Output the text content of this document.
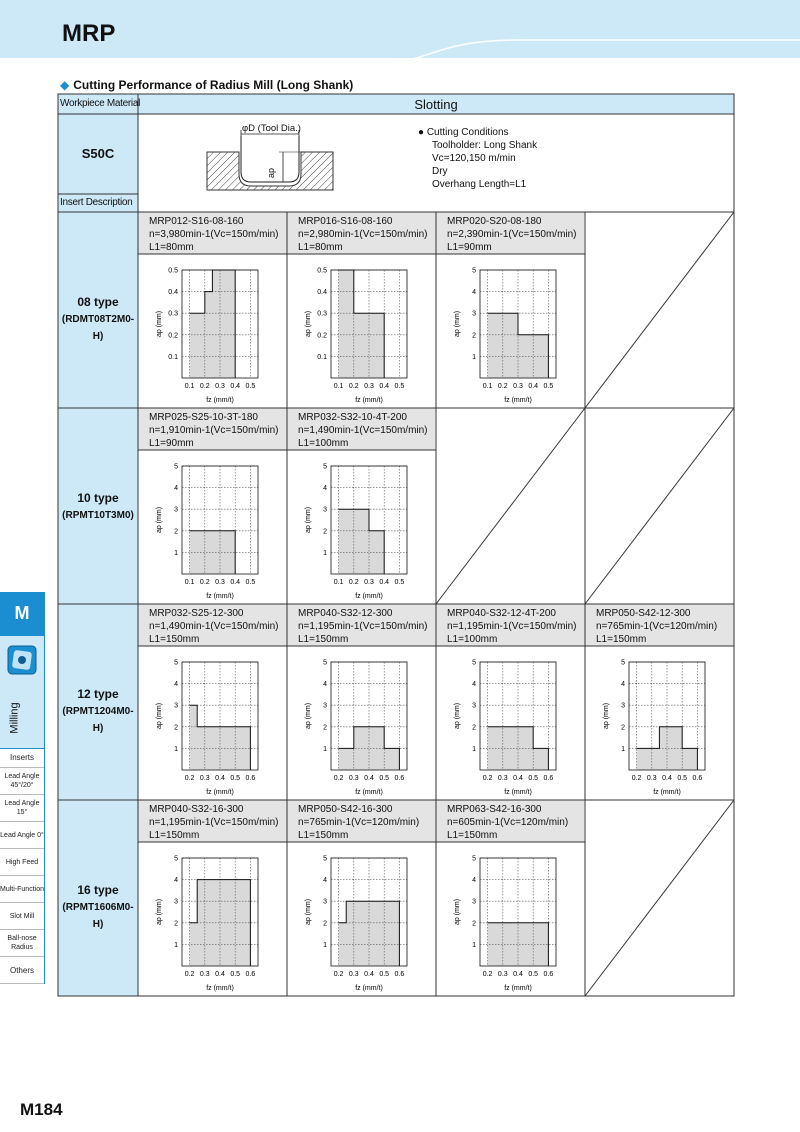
MRP
◆ Cutting Performance of Radius Mill (Long Shank)
Workpiece Material	Slotting
S50C
Insert Description
φD (Tool Dia.)
ap
● Cutting Conditions
Toolholder: Long Shank
Vc=120,150 m/min
Dry
Overhang Length=L1
08 type
(RDMT08T2M0-H)
10 type
(RPMT10T3M0)
12 type
(RPMT1204M0-H)
16 type
(RPMT1606M0-H)
MRP012-S16-08-160
n=3,980min-1(Vc=150m/min)
L1=80mm
MRP016-S16-08-160
n=2,980min-1(Vc=150m/min)
L1=80mm
MRP020-S20-08-180
n=2,390min-1(Vc=150m/min)
L1=90mm
MRP025-S25-10-3T-180
n=1,910min-1(Vc=150m/min)
L1=90mm
MRP032-S32-10-4T-200
n=1,490min-1(Vc=150m/min)
L1=100mm
MRP032-S25-12-300
n=1,490min-1(Vc=150m/min)
L1=150mm
MRP040-S32-12-300
n=1,195min-1(Vc=150m/min)
L1=150mm
MRP040-S32-12-4T-200
n=1,195min-1(Vc=150m/min)
L1=100mm
MRP050-S42-12-300
n=765min-1(Vc=120m/min)
L1=150mm
MRP040-S32-16-300
n=1,195min-1(Vc=150m/min)
L1=150mm
MRP050-S42-16-300
n=765min-1(Vc=120m/min)
L1=150mm
MRP063-S42-16-300
n=605min-1(Vc=120m/min)
L1=150mm
0.1 0.2 0.3 0.4 0.5
0.1
0.2
0.3
0.4
0.5
fz (mm/t)
ap (mm)
0.1 0.2 0.3 0.4 0.5
0.1
0.2
0.3
0.4
0.5
fz (mm/t)
ap (mm)
0.1 0.2 0.3 0.4 0.5
1
2
3
4
5
fz (mm/t)
ap (mm)
0.1 0.2 0.3 0.4 0.5
1
2
3
4
5
fz (mm/t)
ap (mm)
0.1 0.2 0.3 0.4 0.5
1
2
3
4
5
fz (mm/t)
ap (mm)
0.2 0.3 0.4 0.5 0.6
1
2
3
4
5
fz (mm/t)
ap (mm)
0.2 0.3 0.4 0.5 0.6
1
2
3
4
5
fz (mm/t)
ap (mm)
0.2 0.3 0.4 0.5 0.6
1
2
3
4
5
fz (mm/t)
ap (mm)
0.2 0.3 0.4 0.5 0.6
1
2
3
4
5
fz (mm/t)
ap (mm)
0.2 0.3 0.4 0.5 0.6
1
2
3
4
5
fz (mm/t)
ap (mm)
0.2 0.3 0.4 0.5 0.6
1
2
3
4
5
fz (mm/t)
ap (mm)
0.2 0.3 0.4 0.5 0.6
1
2
3
4
5
fz (mm/t)
ap (mm)
M
Milling
Inserts
Lead Angle 45°/20°
Lead Angle 15°
Lead Angle 0°
High Feed
Multi-Function
Slot Mill
Ball-nose Radius
Others
M184
